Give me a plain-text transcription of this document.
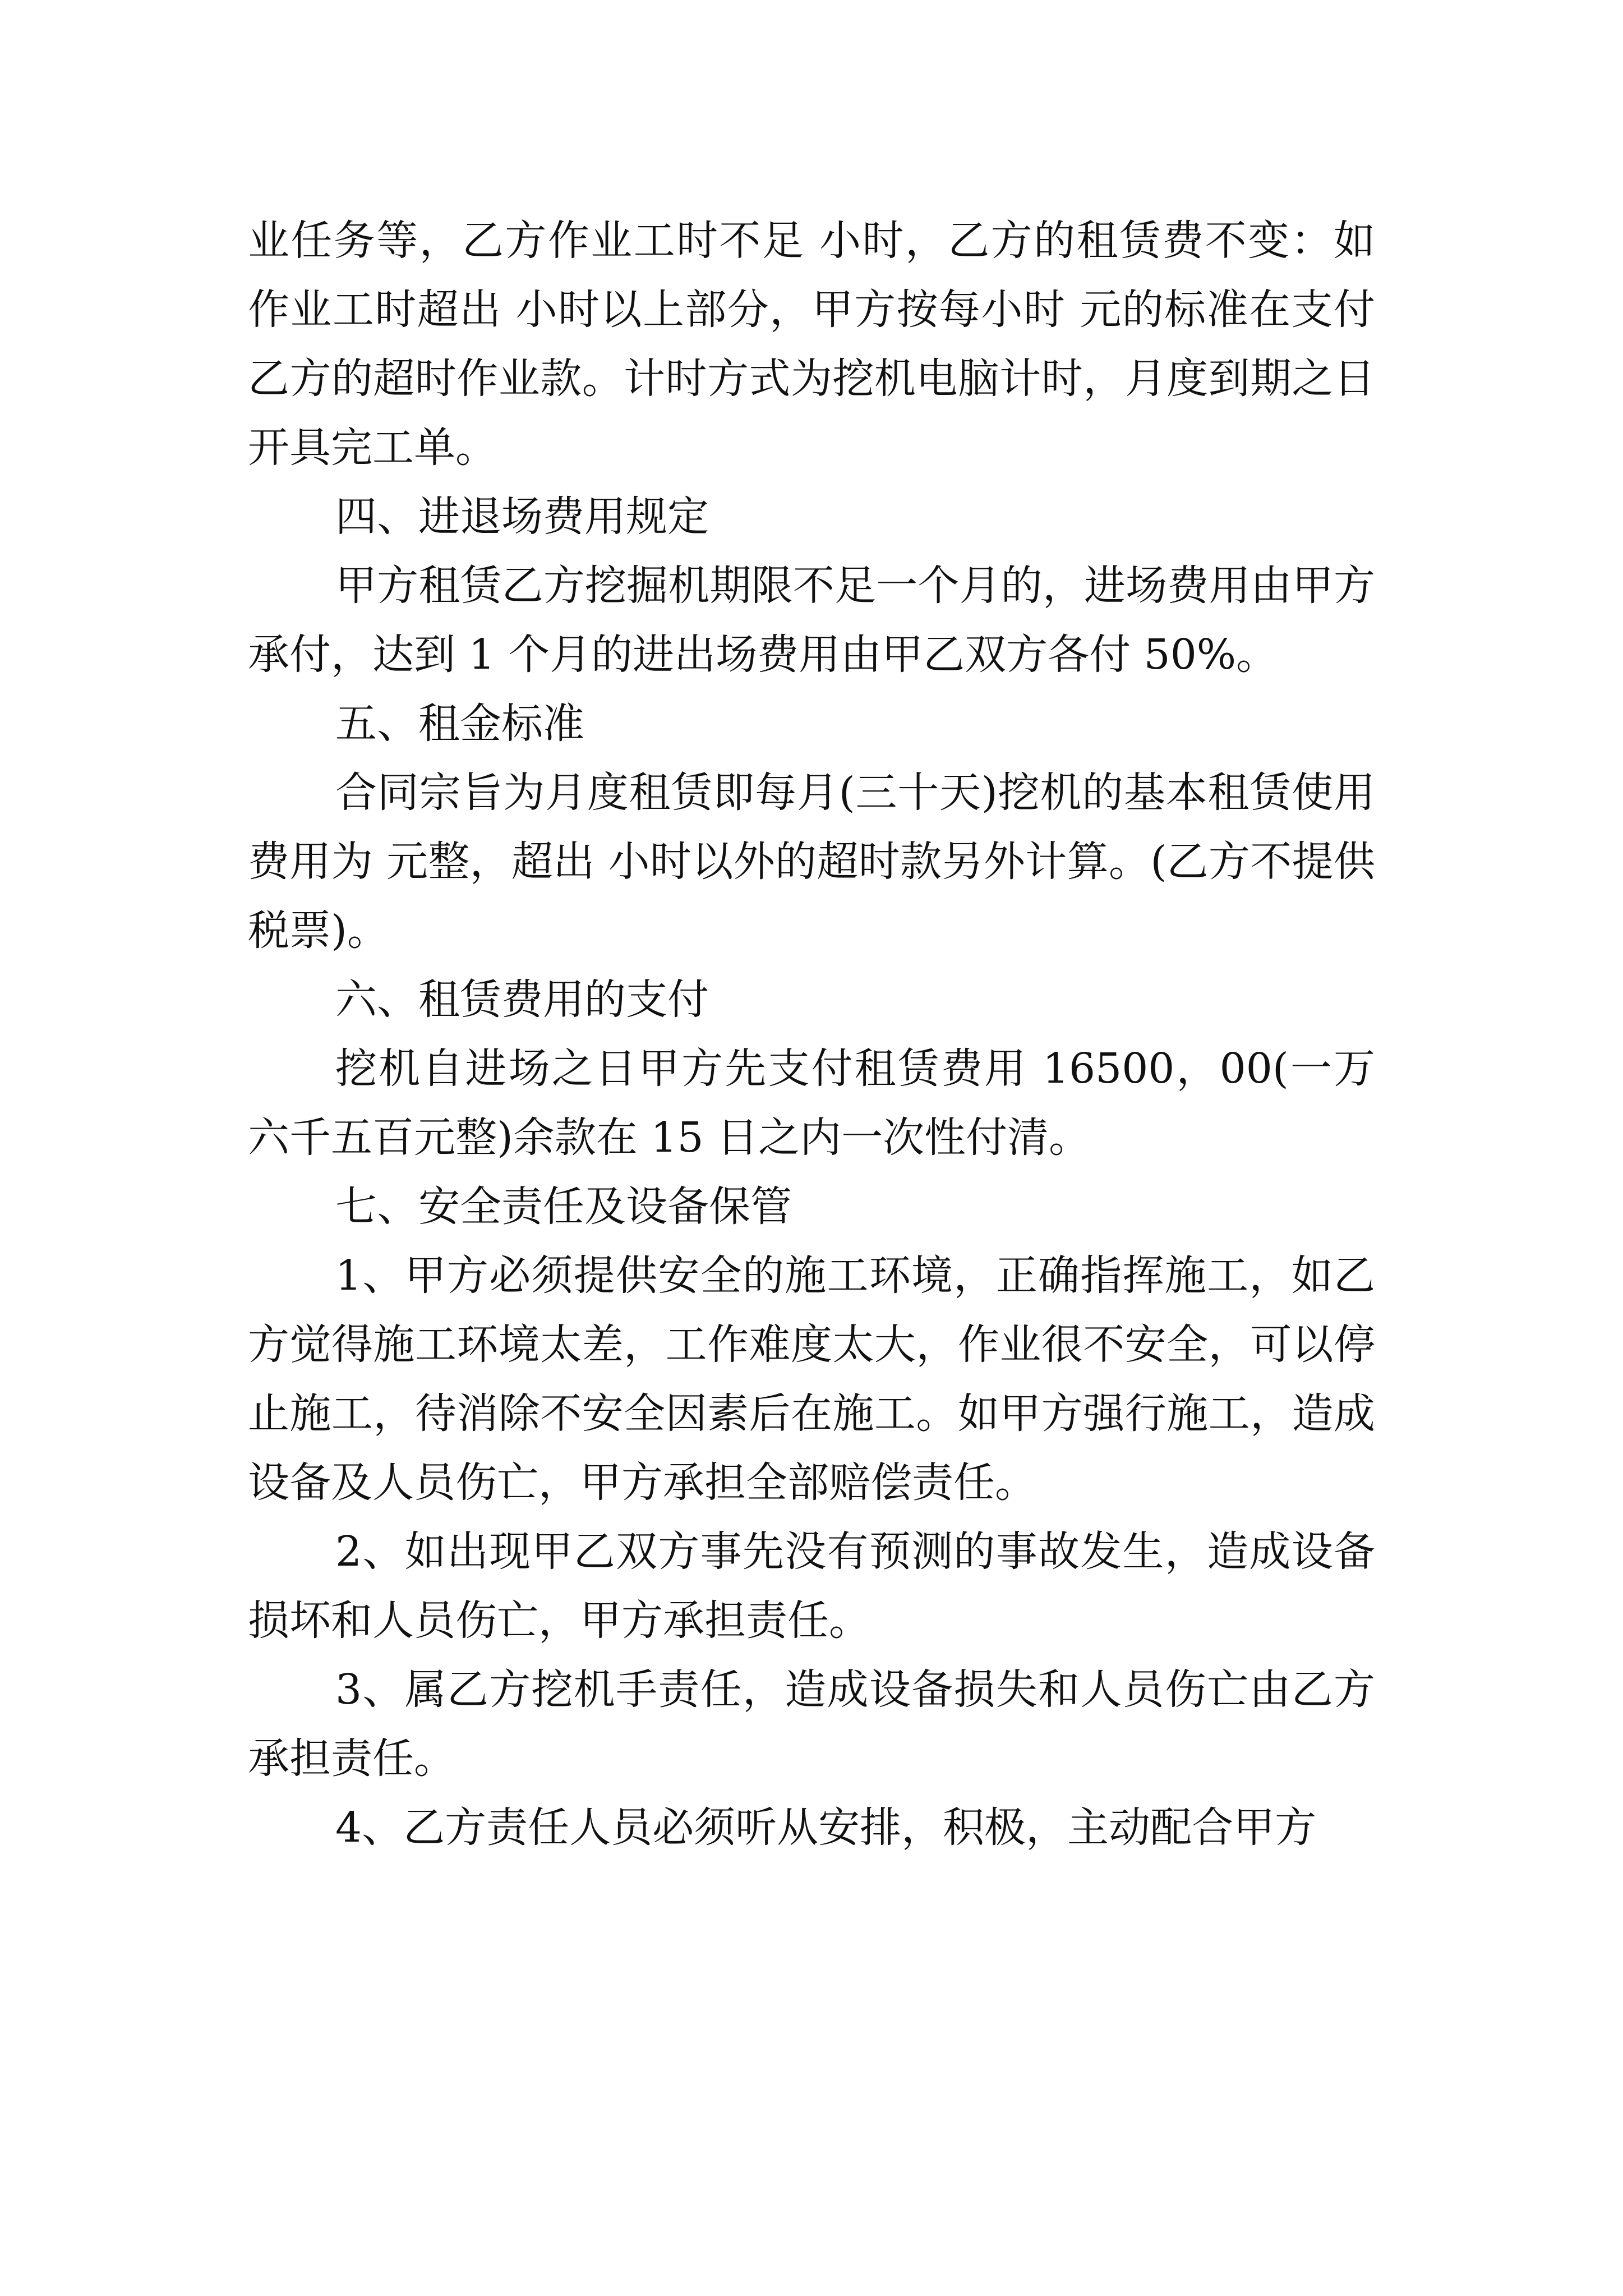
业任务等，乙方作业工时不足 小时，乙方的租赁费不变：如作业工时超出 小时以上部分，甲方按每小时 元的标准在支付乙方的超时作业款。计时方式为挖机电脑计时，月度到期之日开具完工单。

四、进退场费用规定

甲方租赁乙方挖掘机期限不足一个月的，进场费用由甲方承付，达到 1 个月的进出场费用由甲乙双方各付 50%。

五、租金标准

合同宗旨为月度租赁即每月(三十天)挖机的基本租赁使用费用为 元整，超出 小时以外的超时款另外计算。(乙方不提供税票)。

六、租赁费用的支付

挖机自进场之日甲方先支付租赁费用 16500，00(一万六千五百元整)余款在 15 日之内一次性付清。

七、安全责任及设备保管

1、甲方必须提供安全的施工环境，正确指挥施工，如乙方觉得施工环境太差，工作难度太大，作业很不安全，可以停止施工，待消除不安全因素后在施工。如甲方强行施工，造成设备及人员伤亡，甲方承担全部赔偿责任。

2、如出现甲乙双方事先没有预测的事故发生，造成设备损坏和人员伤亡，甲方承担责任。

3、属乙方挖机手责任，造成设备损失和人员伤亡由乙方承担责任。

4、乙方责任人员必须听从安排，积极，主动配合甲方
